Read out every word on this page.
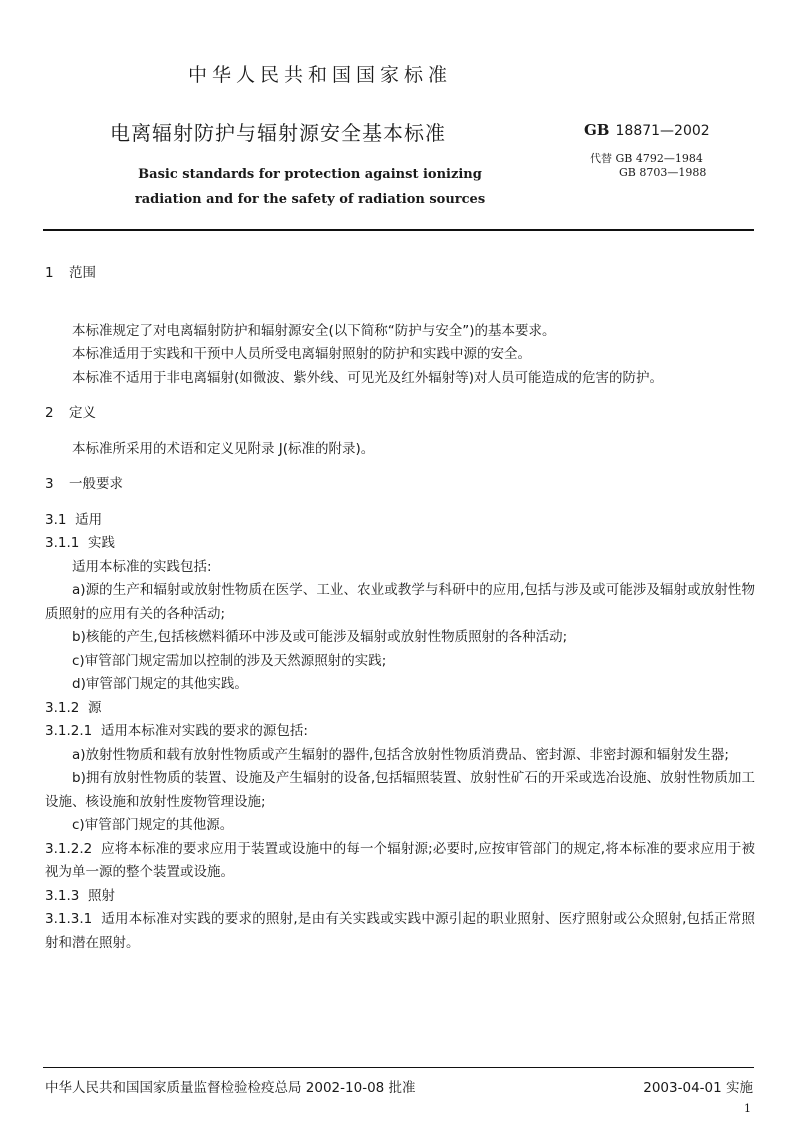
中华人民共和国国家标准
电离辐射防护与辐射源安全基本标准	GB 18871—2002
Basic standards for protection against ionizing
radiation and for the safety of radiation sources
代替 GB 4792—1984
GB 8703—1988

1 范围

本标准规定了对电离辐射防护和辐射源安全(以下简称“防护与安全”)的基本要求。

本标准适用于实践和干预中人员所受电离辐射照射的防护和实践中源的安全。

本标准不适用于非电离辐射(如微波、紫外线、可见光及红外辐射等)对人员可能造成的危害的防护。

2 定义

本标准所采用的术语和定义见附录 J(标准的附录)。

3 一般要求

3.1 适用

3.1.1 实践

适用本标准的实践包括:

a)源的生产和辐射或放射性物质在医学、工业、农业或教学与科研中的应用,包括与涉及或可能涉及辐射或放射性物质照射的应用有关的各种活动;

b)核能的产生,包括核燃料循环中涉及或可能涉及辐射或放射性物质照射的各种活动;

c)审管部门规定需加以控制的涉及天然源照射的实践;

d)审管部门规定的其他实践。

3.1.2 源

3.1.2.1 适用本标准对实践的要求的源包括:

a)放射性物质和载有放射性物质或产生辐射的器件,包括含放射性物质消费品、密封源、非密封源和辐射发生器;

b)拥有放射性物质的装置、设施及产生辐射的设备,包括辐照装置、放射性矿石的开采或选冶设施、放射性物质加工设施、核设施和放射性废物管理设施;

c)审管部门规定的其他源。

3.1.2.2 应将本标准的要求应用于装置或设施中的每一个辐射源;必要时,应按审管部门的规定,将本标准的要求应用于被视为单一源的整个装置或设施。

3.1.3 照射

3.1.3.1 适用本标准对实践的要求的照射,是由有关实践或实践中源引起的职业照射、医疗照射或公众照射,包括正常照射和潜在照射。

中华人民共和国国家质量监督检验检疫总局 2002-10-08 批准	2003-04-01 实施
1
